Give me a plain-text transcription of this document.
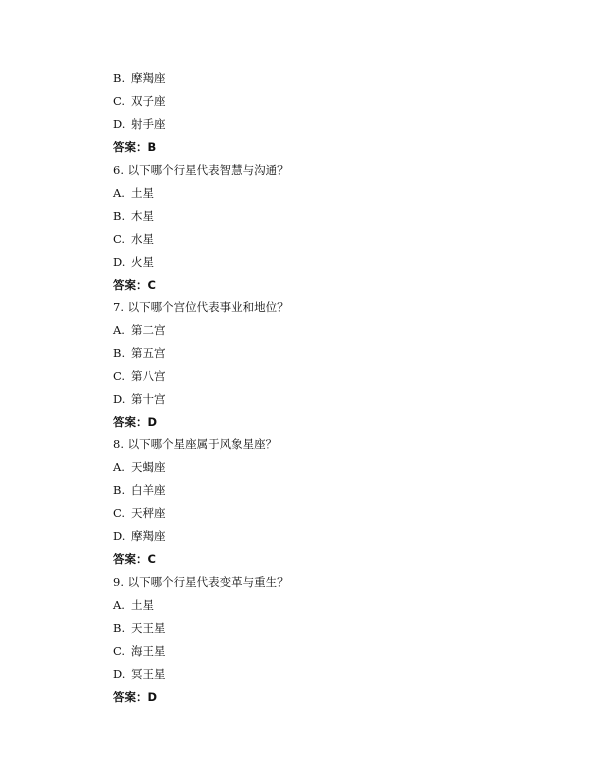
B. 摩羯座
C. 双子座
D. 射手座
答案：B
6. 以下哪个行星代表智慧与沟通？
A. 土星
B. 木星
C. 水星
D. 火星
答案：C
7. 以下哪个宫位代表事业和地位？
A. 第二宫
B. 第五宫
C. 第八宫
D. 第十宫
答案：D
8. 以下哪个星座属于风象星座？
A. 天蝎座
B. 白羊座
C. 天秤座
D. 摩羯座
答案：C
9. 以下哪个行星代表变革与重生？
A. 土星
B. 天王星
C. 海王星
D. 冥王星
答案：D
